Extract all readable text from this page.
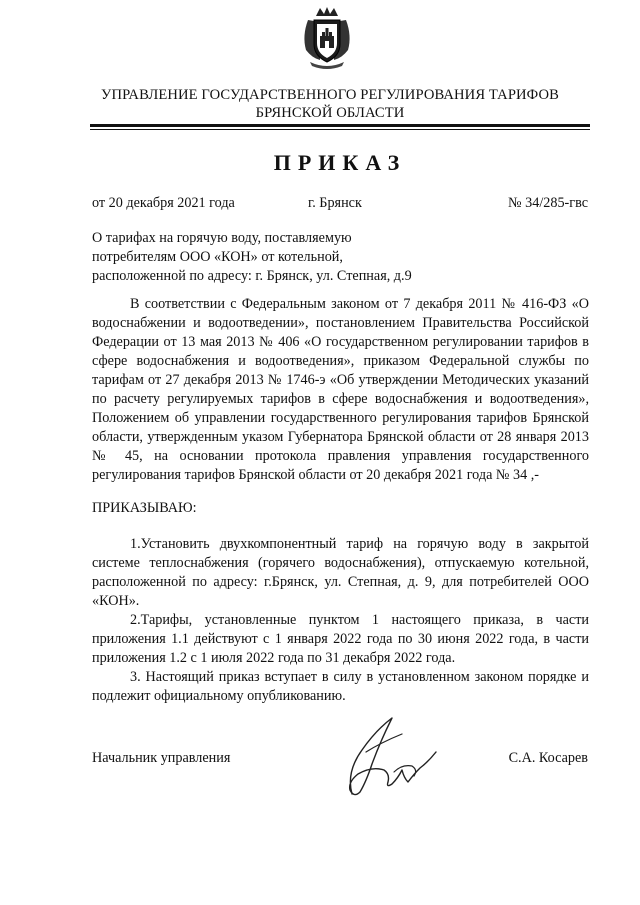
УПРАВЛЕНИЕ ГОСУДАРСТВЕННОГО РЕГУЛИРОВАНИЯ ТАРИФОВ
БРЯНСКОЙ ОБЛАСТИ
ПРИКАЗ
от 20 декабря 2021 года	г. Брянск	№ 34/285-гвс
О тарифах на горячую воду, поставляемую
потребителям ООО «КОН» от котельной,
расположенной по адресу: г. Брянск, ул. Степная, д.9
В соответствии с Федеральным законом от 7 декабря 2011 № 416-ФЗ «О водоснабжении и водоотведении», постановлением Правительства Российской Федерации от 13 мая 2013 № 406 «О государственном регулировании тарифов в сфере водоснабжения и водоотведения», приказом Федеральной службы по тарифам от 27 декабря 2013 № 1746-э «Об утверждении Методических указаний по расчету регулируемых тарифов в сфере водоснабжения и водоотведения», Положением об управлении государственного регулирования тарифов Брянской области, утвержденным указом Губернатора Брянской области от 28 января 2013 № 45, на основании протокола правления управления государственного регулирования тарифов Брянской области от 20 декабря 2021 года № 34 ,-
ПРИКАЗЫВАЮ:

1.Установить двухкомпонентный тариф на горячую воду в закрытой системе теплоснабжения (горячего водоснабжения), отпускаемую котельной, расположенной по адресу: г.Брянск, ул. Степная, д. 9, для потребителей ООО «КОН».

2.Тарифы, установленные пунктом 1 настоящего приказа, в части приложения 1.1 действуют с 1 января 2022 года по 30 июня 2022 года, в части приложения 1.2 с 1 июля 2022 года по 31 декабря 2022 года.

3. Настоящий приказ вступает в силу в установленном законом порядке и подлежит официальному опубликованию.

Начальник управления	С.А. Косарев
